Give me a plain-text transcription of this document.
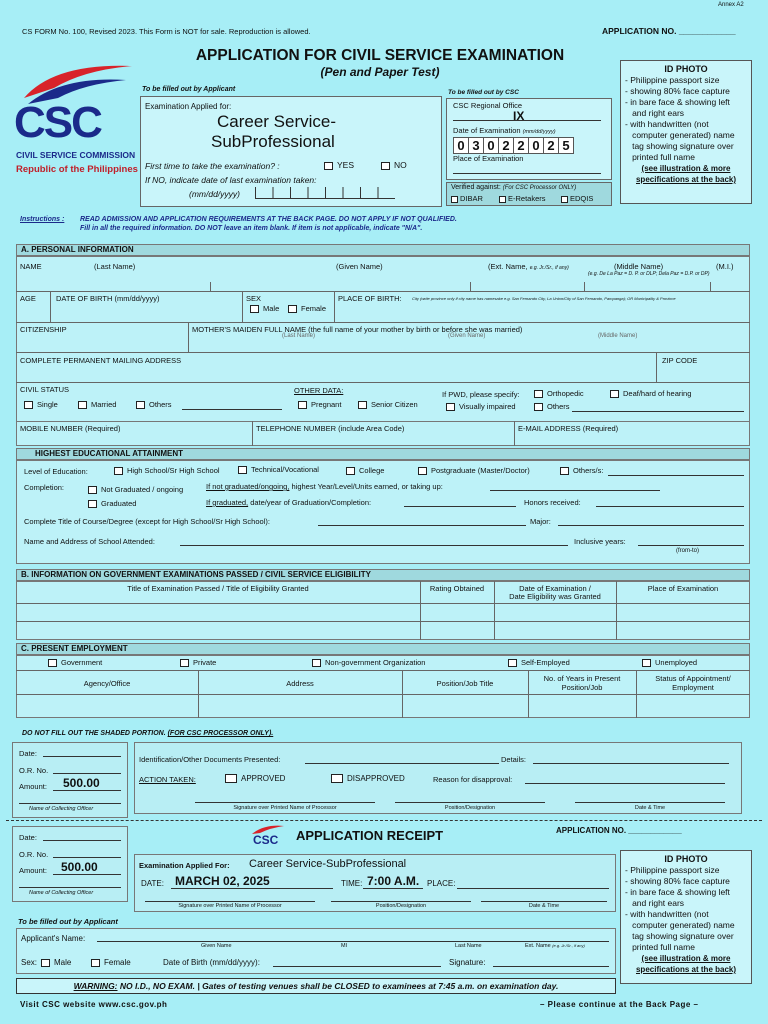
Annex A2
CS FORM No. 100, Revised 2023. This Form is NOT for sale. Reproduction is allowed.	APPLICATION NO. ____________
APPLICATION FOR CIVIL SERVICE EXAMINATION
(Pen and Paper Test)
CSC
CIVIL SERVICE COMMISSION
Republic of the Philippines
To be filled out by Applicant
Examination Applied for:
Career Service-
SubProfessional
First time to take the examination? :	YES	NO
If NO, indicate date of last examination taken:
(mm/dd/yyyy)
To be filled out by CSC
CSC Regional Office
IX
Date of Examination (mm/dd/yyyy)
0 3 0 2 2 0 2 5
Place of Examination
Verified against: (For CSC Processor ONLY)
DIBAR	E-Retakers	EDQIS
ID PHOTO
- Philippine passport size
- showing 80% face capture
- in bare face & showing left
and right ears
- with handwritten (not
computer generated) name
tag showing signature over
printed full name
(see illustration & more
specifications at the back)
Instructions : READ ADMISSION AND APPLICATION REQUIREMENTS AT THE BACK PAGE. DO NOT APPLY IF NOT QUALIFIED.
Fill in all the required information. DO NOT leave an item blank. If item is not applicable, indicate "N/A".
A. PERSONAL INFORMATION
NAME	(Last Name)	(Given Name)	(Ext. Name, e.g. Jr./Sr., if any)	(Middle Name)	(M.I.)
(e.g. De La Paz = D. P. or DLP; Dela Paz = D.P. or DP)
AGE	DATE OF BIRTH (mm/dd/yyyy)	SEX
Male	Female
PLACE OF BIRTH:	City (write province only if city name has namesake e.g. San Fernando City, La Union/City of San Fernando, Pampanga); OR Municipality & Province
CITIZENSHIP	MOTHER'S MAIDEN FULL NAME (the full name of your mother by birth or before she was married)
(Last Name)	(Given Name)	(Middle Name)
COMPLETE PERMANENT MAILING ADDRESS	ZIP CODE
CIVIL STATUS
Single	Married	Others
OTHER DATA:
Pregnant	Senior Citizen
If PWD, please specify:	Orthopedic	Deaf/hard of hearing
Visually impaired	Others
MOBILE NUMBER (Required)	TELEPHONE NUMBER (include Area Code)	E-MAIL ADDRESS (Required)
HIGHEST EDUCATIONAL ATTAINMENT
Level of Education:	High School/Sr High School	Technical/Vocational	College	Postgraduate (Master/Doctor)	Others/s:
Completion:	Not Graduated / ongoing
Graduated
If not graduated/ongoing, highest Year/Level/Units earned, or taking up:
If graduated, date/year of Graduation/Completion:	Honors received:
Complete Title of Course/Degree (except for High School/Sr High School):	Major:
Name and Address of School Attended:	Inclusive years:
(from-to)
B. INFORMATION ON GOVERNMENT EXAMINATIONS PASSED / CIVIL SERVICE ELIGIBILITY
Title of Examination Passed / Title of Eligibility Granted	Rating Obtained	Date of Examination /
Date Eligibility was Granted
Place of Examination
C. PRESENT EMPLOYMENT
Government	Private	Non-government Organization	Self-Employed	Unemployed
Agency/Office	Address	Position/Job Title
No. of Years in Present
Position/Job
Status of Appointment/
Employment
DO NOT FILL OUT THE SHADED PORTION. (FOR CSC PROCESSOR ONLY).
Date:
O.R. No.
Amount: 500.00
Name of Collecting Officer
Identification/Other Documents Presented:	Details:
ACTION TAKEN:	APPROVED	DISAPPROVED	Reason for disapproval:
Signature over Printed Name of Processor	Position/Designation	Date & Time
CSC APPLICATION RECEIPT	APPLICATION NO. ____________
Date:
O.R. No.
Amount: 500.00
Name of Collecting Officer
Examination Applied For: Career Service-SubProfessional
DATE: MARCH 02, 2025	TIME: 7:00 A.M. PLACE:
Signature over Printed Name of Processor	Position/Designation	Date & Time
ID PHOTO
- Philippine passport size
- showing 80% face capture
- in bare face & showing left
and right ears
- with handwritten (not
computer generated) name
tag showing signature over
printed full name
(see illustration & more
specifications at the back)
To be filled out by Applicant
Applicant's Name:
Given Name	MI	Last Name	Ext. Name (e.g. Jr./Sr., if any)
Sex:	Male	Female	Date of Birth (mm/dd/yyyy):	Signature:
WARNING: NO I.D., NO EXAM. | Gates of testing venues shall be CLOSED to examinees at 7:45 a.m. on examination day.
Visit CSC website www.csc.gov.ph	– Please continue at the Back Page –
